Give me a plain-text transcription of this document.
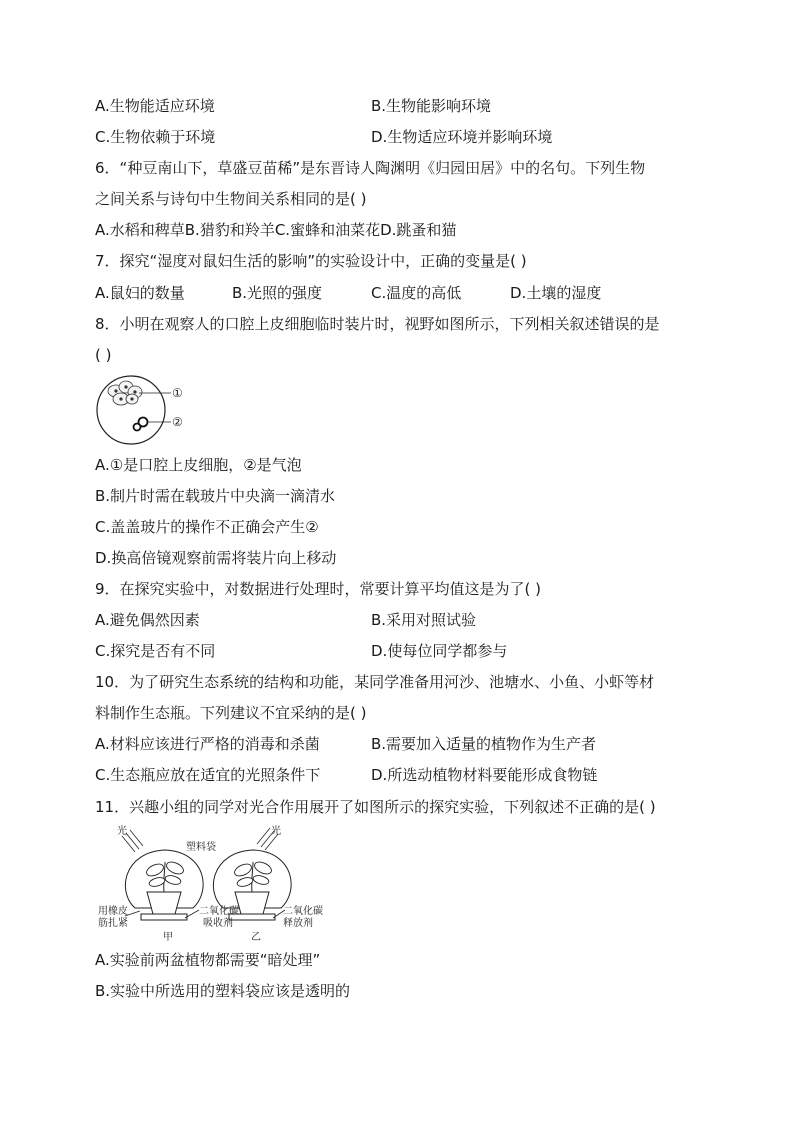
A.生物能适应环境	B.生物能影响环境
C.生物依赖于环境	D.生物适应环境并影响环境
6．“种豆南山下，草盛豆苗稀”是东晋诗人陶渊明《归园田居》中的名句。下列生物
之间关系与诗句中生物间关系相同的是( )
A.水稻和稗草B.猎豹和羚羊C.蜜蜂和油菜花D.跳蚤和猫
7．探究“湿度对鼠妇生活的影响”的实验设计中，正确的变量是( )
A.鼠妇的数量	B.光照的强度	C.温度的高低	D.土壤的湿度
8．小明在观察人的口腔上皮细胞临时装片时，视野如图所示，下列相关叙述错误的是
( )
①
②
A.①是口腔上皮细胞，②是气泡
B.制片时需在载玻片中央滴一滴清水
C.盖盖玻片的操作不正确会产生②
D.换高倍镜观察前需将装片向上移动
9．在探究实验中，对数据进行处理时，常要计算平均值这是为了( )
A.避免偶然因素	B.采用对照试验
C.探究是否有不同	D.使每位同学都参与
10．为了研究生态系统的结构和功能，某同学准备用河沙、池塘水、小鱼、小虾等材
料制作生态瓶。下列建议不宜采纳的是( )
A.材料应该进行严格的消毒和杀菌	B.需要加入适量的植物作为生产者
C.生态瓶应放在适宜的光照条件下	D.所选动植物材料要能形成食物链
11．兴趣小组的同学对光合作用展开了如图所示的探究实验，下列叙述不正确的是( )
光	光
塑料袋
用橡皮
筋扎紧
二氧化碳
吸收剂
二氧化碳
释放剂
甲	乙
A.实验前两盆植物都需要“暗处理”
B.实验中所选用的塑料袋应该是透明的
